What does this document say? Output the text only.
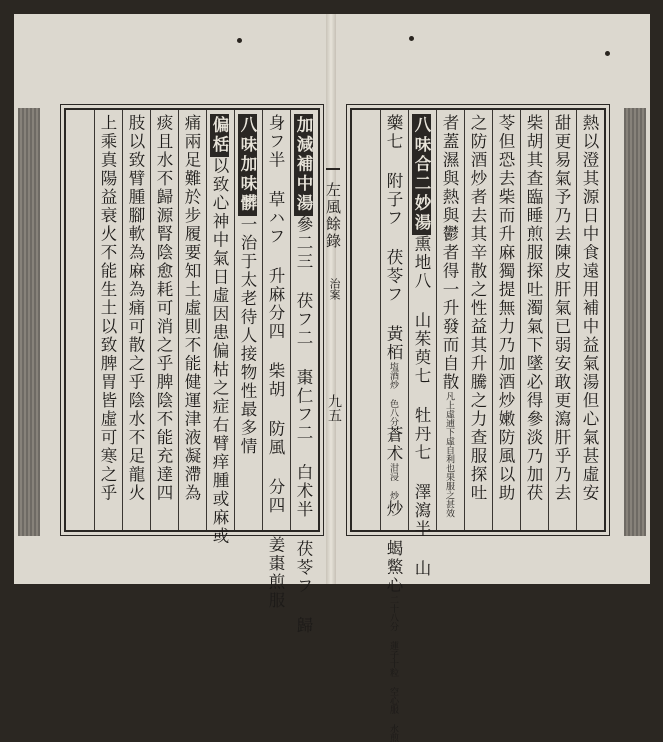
加減補中湯參二三 茯フ二 棗仁フ二 白术半 茯苓フ 歸
身フ半 草ハフ 升麻分四 柴胡 防風 分四 姜棗煎服
八味加味髒一治于太老待人接物性最多情
偏栝以致心神中氣日虛因患偏枯之症右臂痒腫或麻或
痛兩足難於步履要知土虛則不能健運津液凝滯為
痰且水不歸源腎陰愈耗可消之乎脾陰不能充達四
肢以致臂腫腳軟為麻為痛可散之乎陰水不足龍火
上乘真陽益衰火不能生土以致脾胃皆虛可寒之乎	左風餘錄
治案
九五	熱以澄其源日中食遠用補中益氣湯但心氣甚虛安
甜更易氣予乃去陳皮肝氣已弱安敢更瀉肝乎乃去
柴胡其查臨睡煎服探吐濁氣下墜必得參淡乃加茯
苓但恐去柴而升麻獨提無力乃加酒炒嫩防風以助
之防酒炒者去其辛散之性益其升騰之力查服探吐
者蓋濕與熱與鬱者得一升發而自散凡上虛逋下虛自利也果服之甚效
八味合二妙湯熏地八 山茱萸七 牡丹七 澤瀉半 山
藥七 附子フ 茯苓フ 黃栢塩酒炒 色八分蒼术泔浸 炒炒 蝎鱉心二十八分 蓮子十粒 空心服 水煎
